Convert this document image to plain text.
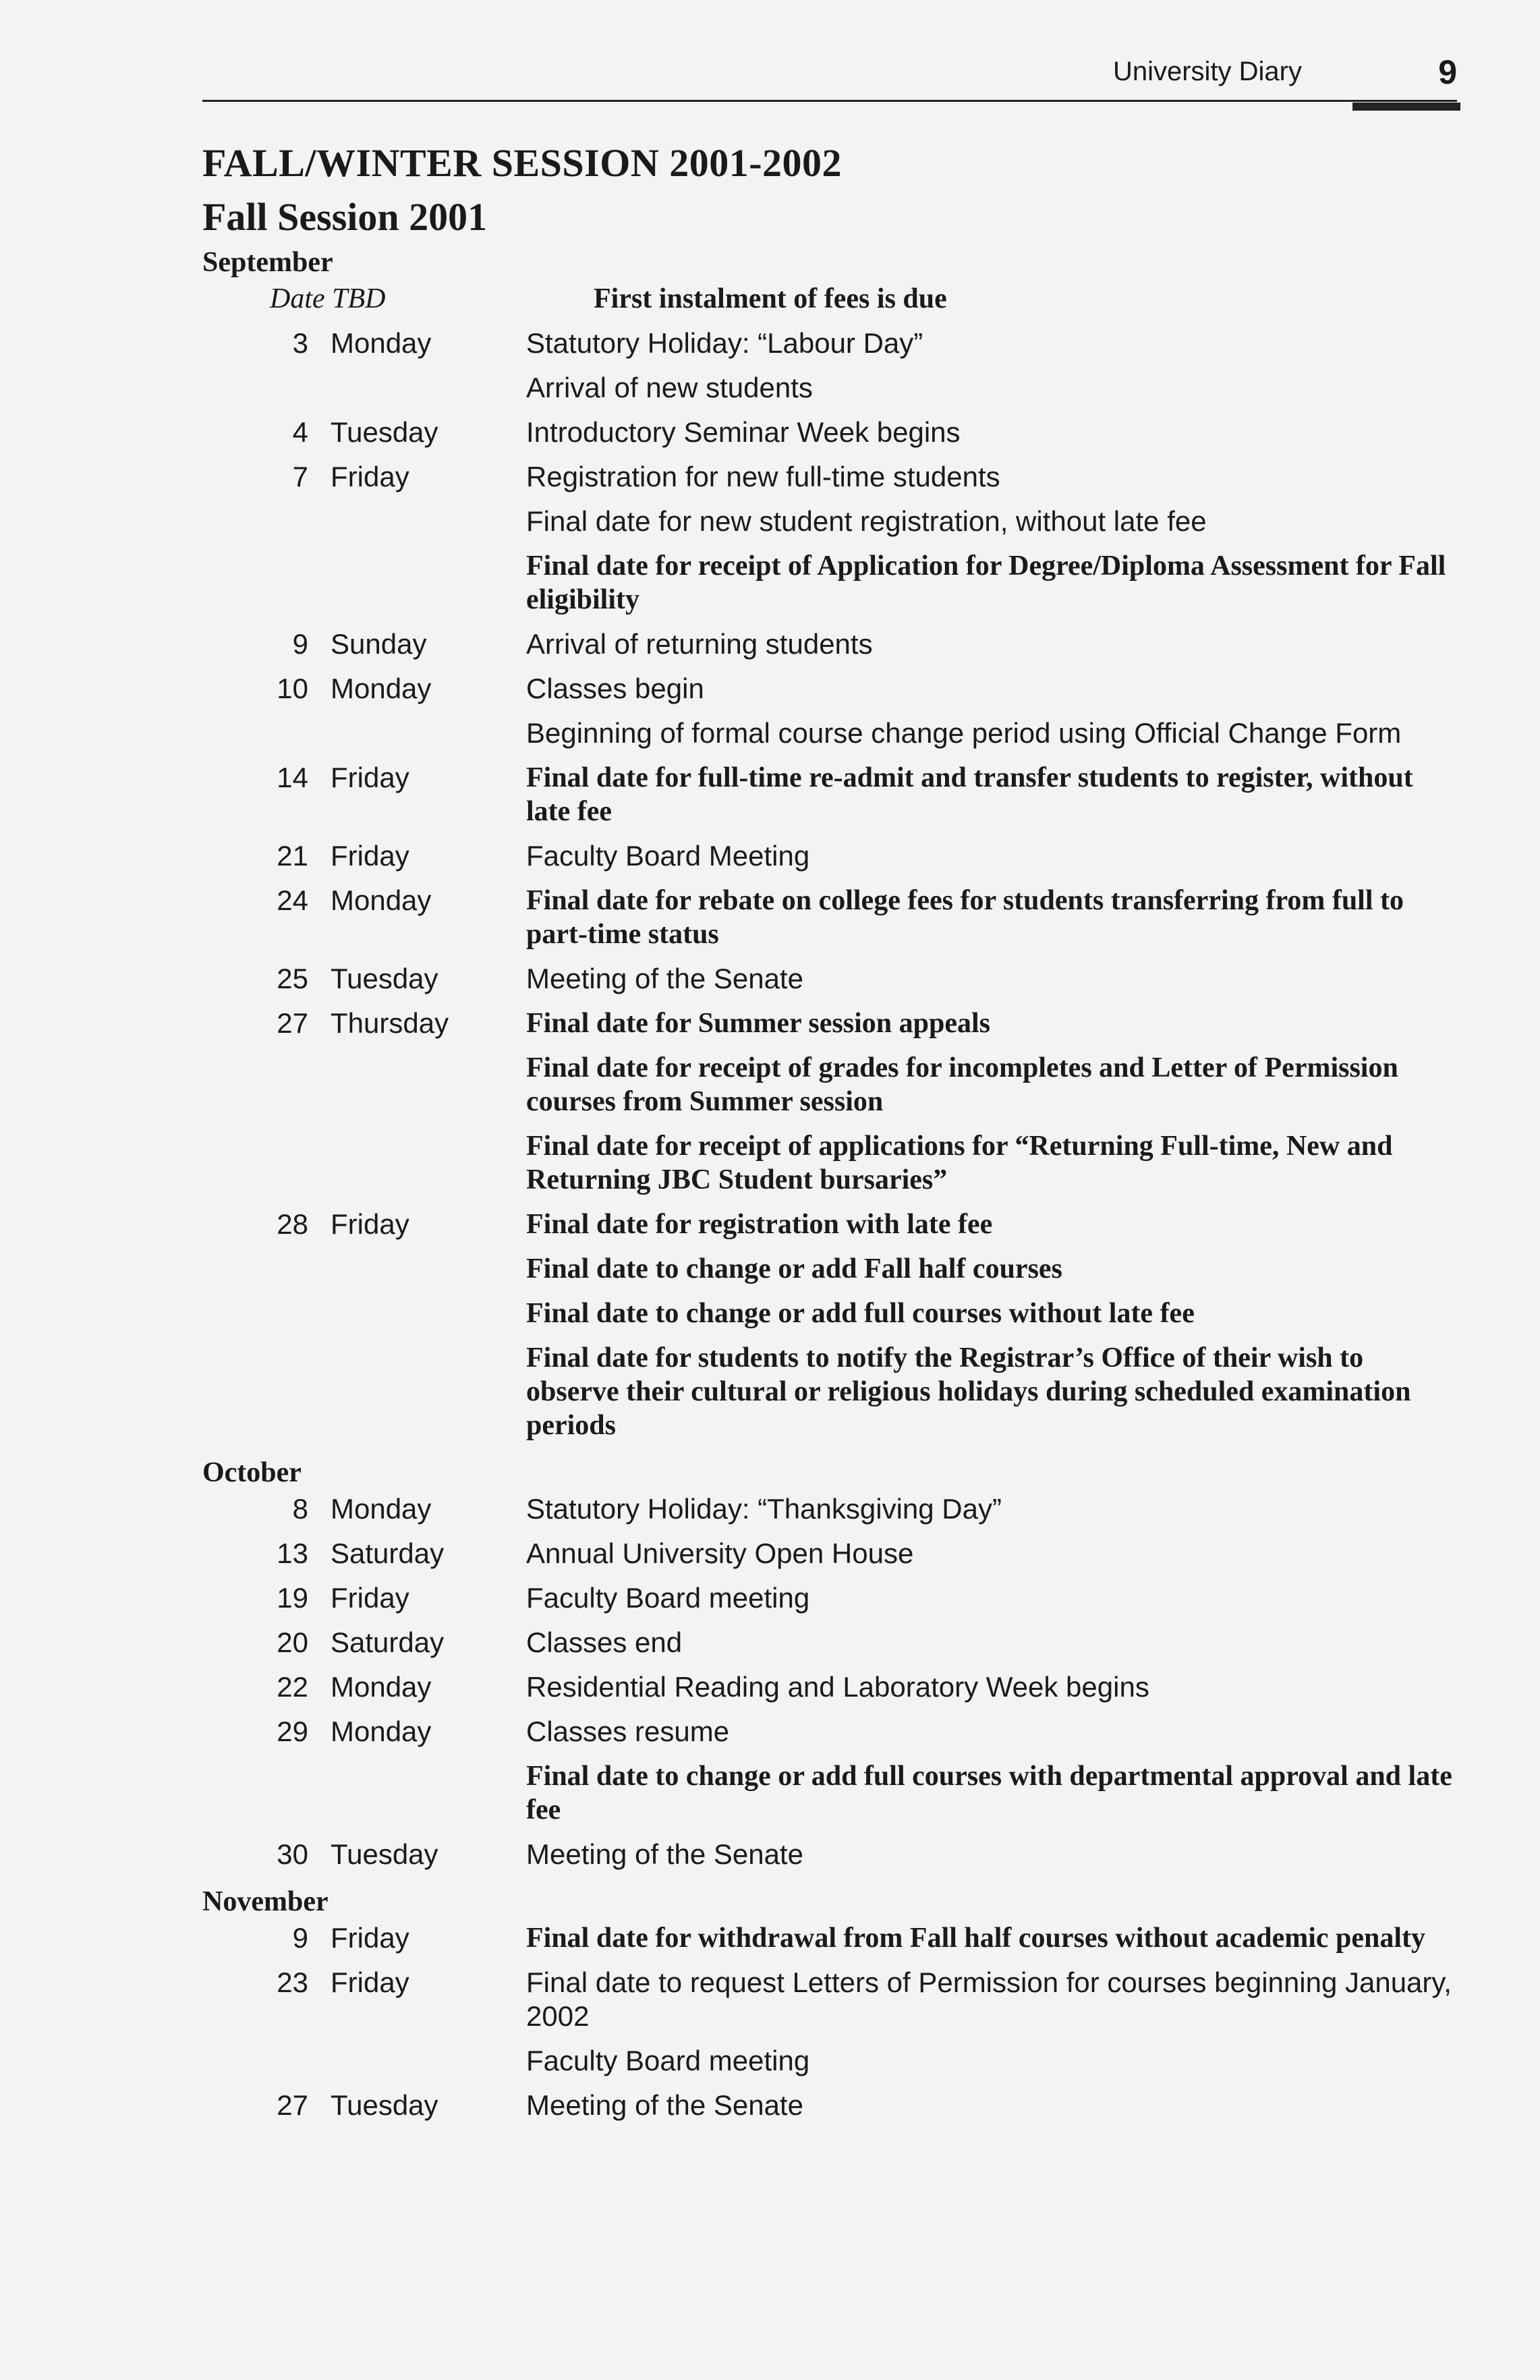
University Diary	9
FALL/WINTER SESSION 2001-2002
Fall Session 2001
September
Date TBD	First instalment of fees is due
3 Monday	Statutory Holiday: “Labour Day”
Arrival of new students
4 Tuesday	Introductory Seminar Week begins
7 Friday	Registration for new full-time students
Final date for new student registration, without late fee
Final date for receipt of Application for Degree/Diploma Assessment for Fall eligibility
9 Sunday	Arrival of returning students
10 Monday	Classes begin
Beginning of formal course change period using Official Change Form
14 Friday	Final date for full-time re-admit and transfer students to register, without late fee
21 Friday	Faculty Board Meeting
24 Monday	Final date for rebate on college fees for students transferring from full to part-time status
25 Tuesday	Meeting of the Senate
27 Thursday	Final date for Summer session appeals
Final date for receipt of grades for incompletes and Letter of Permission courses from Summer session
Final date for receipt of applications for “Returning Full-time, New and Returning JBC Student bursaries”
28 Friday	Final date for registration with late fee
Final date to change or add Fall half courses
Final date to change or add full courses without late fee
Final date for students to notify the Registrar’s Office of their wish to observe their cultural or religious holidays during scheduled examination periods
October
8 Monday	Statutory Holiday: “Thanksgiving Day”
13 Saturday	Annual University Open House
19 Friday	Faculty Board meeting
20 Saturday	Classes end
22 Monday	Residential Reading and Laboratory Week begins
29 Monday	Classes resume
Final date to change or add full courses with departmental approval and late fee
30 Tuesday	Meeting of the Senate
November
9 Friday	Final date for withdrawal from Fall half courses without academic penalty
23 Friday	Final date to request Letters of Permission for courses beginning January, 2002
Faculty Board meeting
27 Tuesday	Meeting of the Senate
